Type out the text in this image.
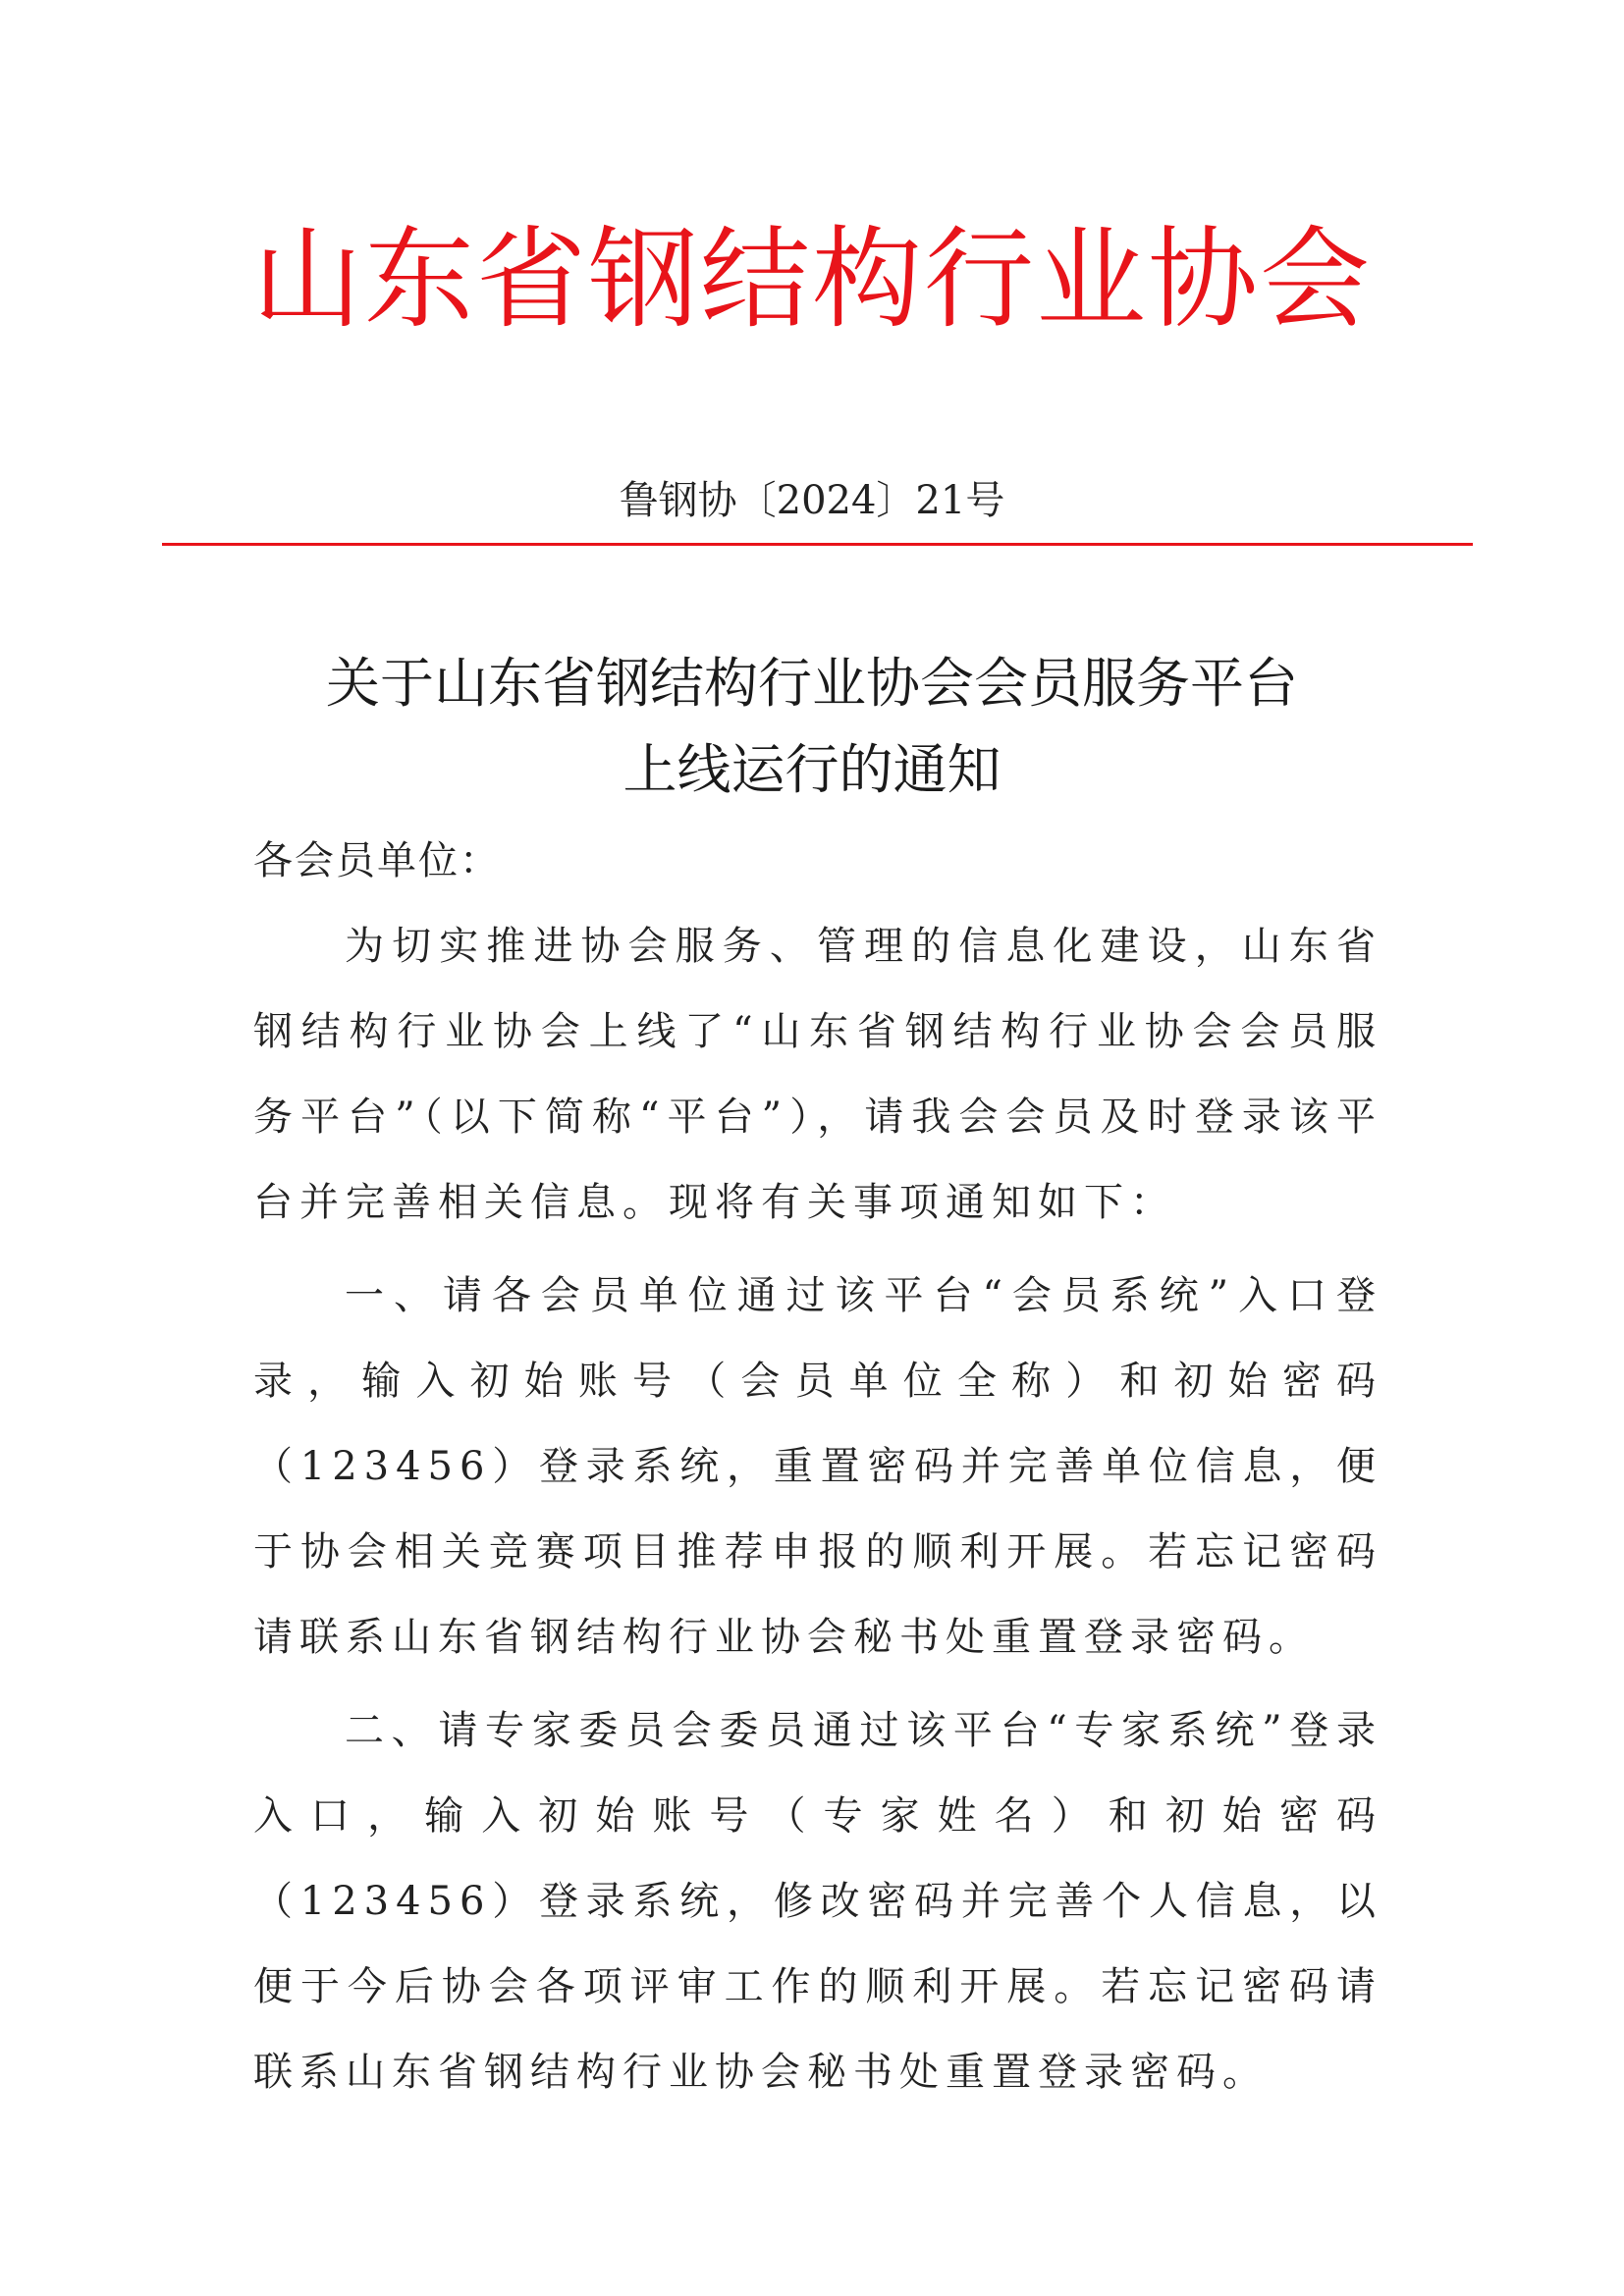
山东省钢结构行业协会
鲁钢协〔2024〕21号
关于山东省钢结构行业协会会员服务平台
上线运行的通知

各会员单位：

为切实推进协会服务、管理的信息化建设，山东省钢结构行业协会上线了“山东省钢结构行业协会会员服务平台”（以下简称“平台”），请我会会员及时登录该平台并完善相关信息。现将有关事项通知如下：

一、请各会员单位通过该平台“会员系统”入口登录，输入初始账号（会员单位全称）和初始密码（123456）登录系统，重置密码并完善单位信息，便于协会相关竞赛项目推荐申报的顺利开展。若忘记密码请联系山东省钢结构行业协会秘书处重置登录密码。

二、请专家委员会委员通过该平台“专家系统”登录入口，输入初始账号（专家姓名）和初始密码（123456）登录系统，修改密码并完善个人信息，以便于今后协会各项评审工作的顺利开展。若忘记密码请联系山东省钢结构行业协会秘书处重置登录密码。
